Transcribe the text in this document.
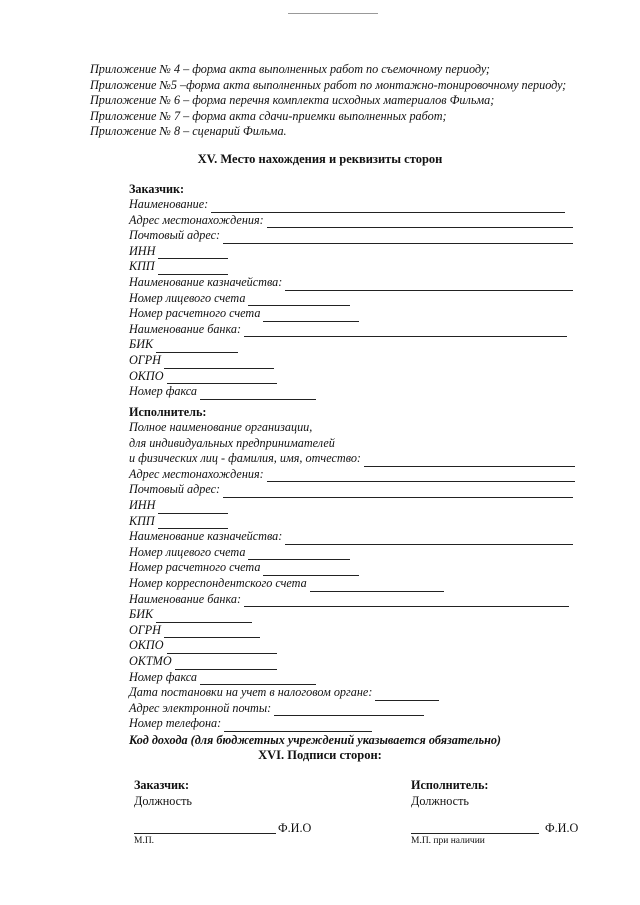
Приложение № 4 – форма акта выполненных работ по съемочному периоду;
Приложение №5 –форма акта выполненных работ по монтажно-тонировочному периоду;
Приложение № 6 – форма перечня комплекта исходных материалов Фильма;
Приложение № 7 – форма акта сдачи-приемки выполненных работ;
Приложение № 8 – сценарий Фильма.
XV. Место нахождения и реквизиты сторон
Заказчик:
Наименование:
Адрес местонахождения:
Почтовый адрес:
ИНН
КПП
Наименование казначейства:
Номер лицевого счета
Номер расчетного счета
Наименование банка:
БИК
ОГРН
ОКПО
Номер факса
Исполнитель:
Полное наименование организации,
для индивидуальных предпринимателей
и физических лиц - фамилия, имя, отчество:
Адрес местонахождения:
Почтовый адрес:
ИНН
КПП
Наименование казначейства:
Номер лицевого счета
Номер расчетного счета
Номер корреспондентского счета
Наименование банка:
БИК
ОГРН
ОКПО
ОКТМО
Номер факса
Дата постановки на учет в налоговом органе:
Адрес электронной почты:
Номер телефона:
Код дохода (для бюджетных учреждений указывается обязательно)
XVI. Подписи сторон:
Заказчик:
Должность
Ф.И.О
М.П.
Исполнитель:
Должность
Ф.И.О
М.П. при наличии
